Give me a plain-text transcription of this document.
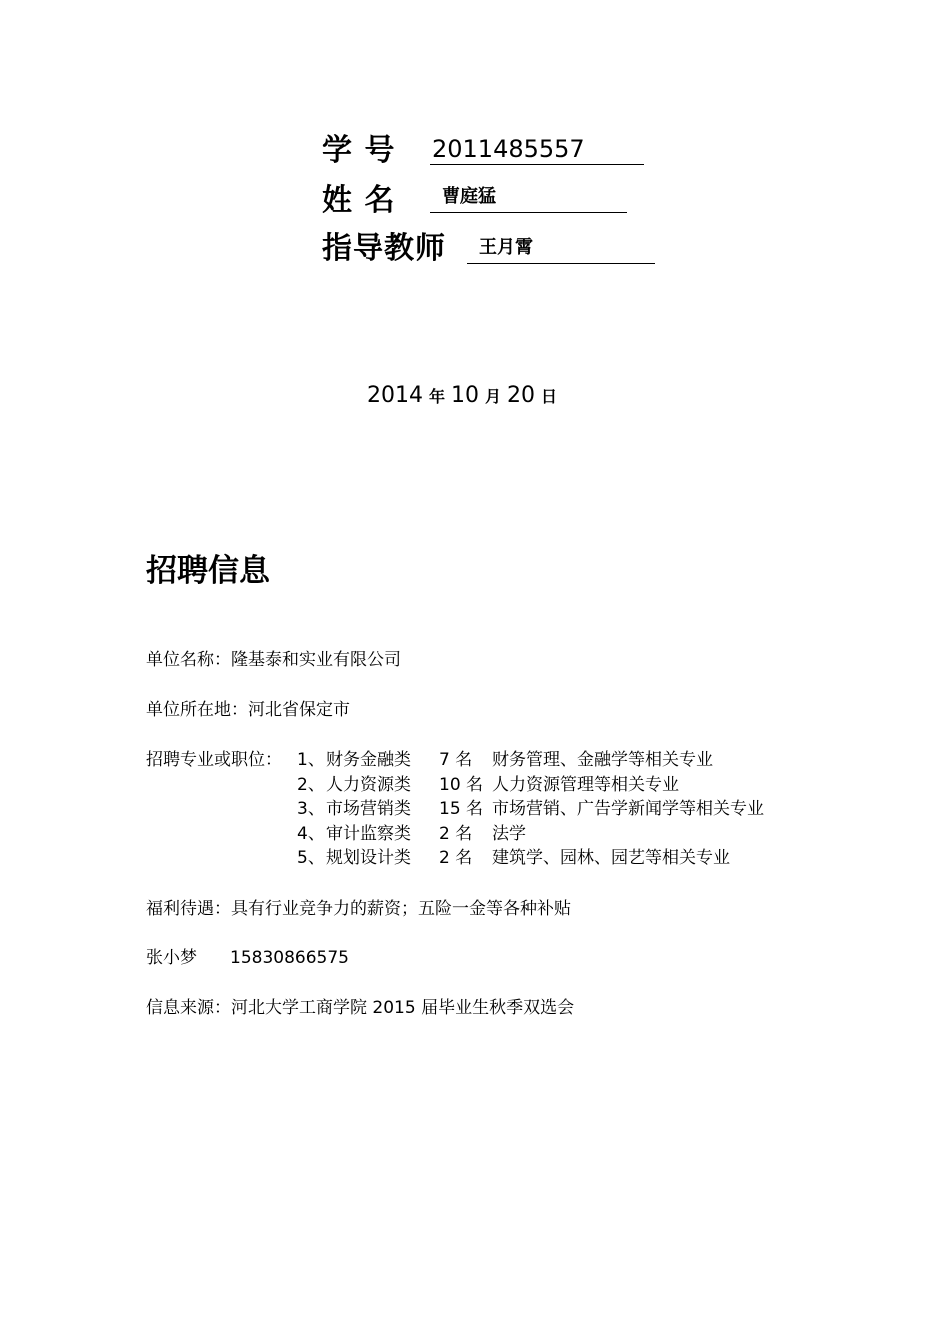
学 号 2011485557
姓 名	曹庭猛
指导教师	王月霄
2014 年 10 月 20 日
招聘信息
单位名称：隆基泰和实业有限公司
单位所在地：河北省保定市
招聘专业或职位： 1、 财务金融类 7 名 财务管理、金融学等相关专业
2、 人力资源类 10 名 人力资源管理等相关专业
3、 市场营销类 15 名 市场营销、广告学新闻学等相关专业
4、 审计监察类 2 名 法学
5、 规划设计类 2 名 建筑学、园林、园艺等相关专业
福利待遇：具有行业竞争力的薪资；五险一金等各种补贴
张小梦 15830866575
信息来源：河北大学工商学院 2015 届毕业生秋季双选会
